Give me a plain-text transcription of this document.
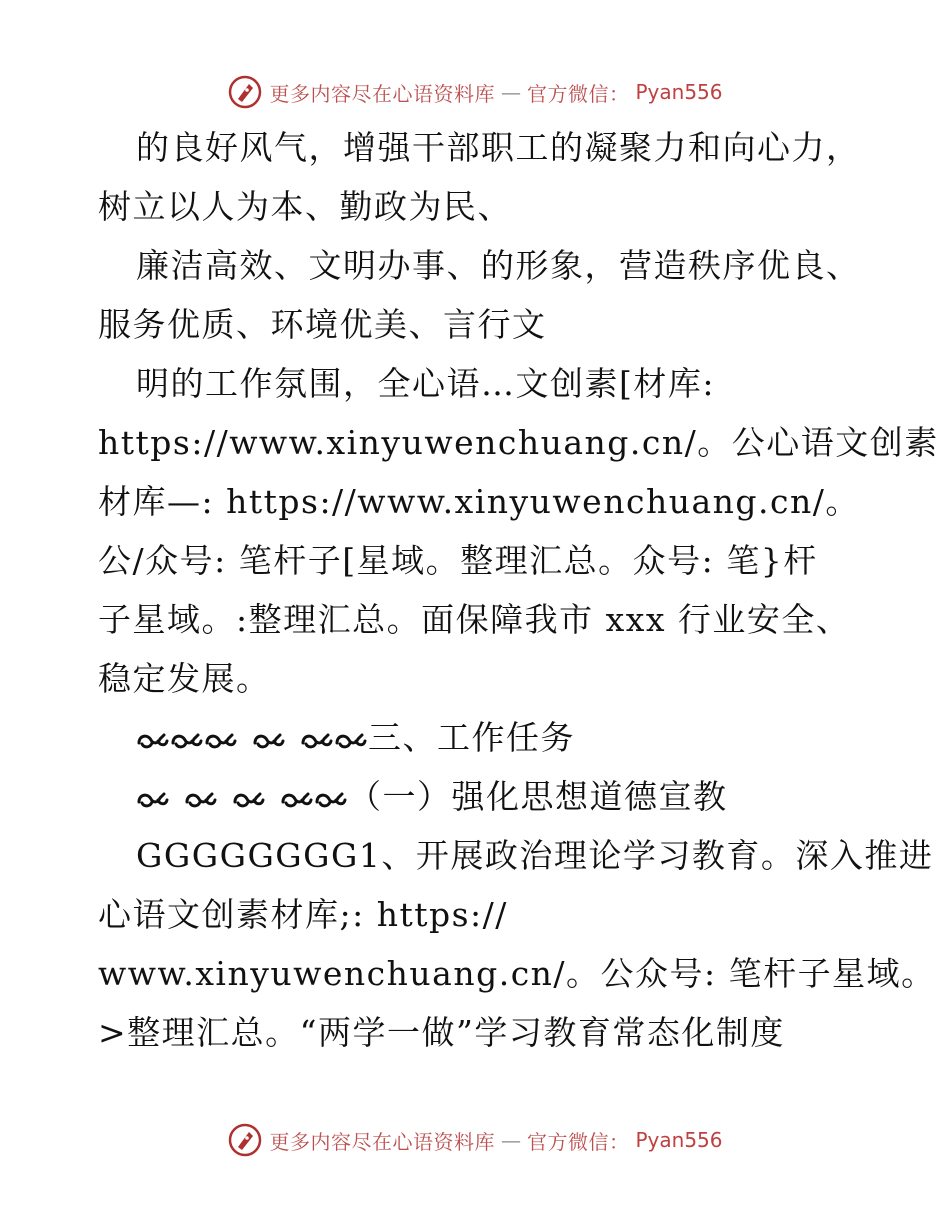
更多内容尽在心语资料库 — 官方微信： Pyan556
的良好风气，增强干部职工的凝聚力和向心力，
树立以人为本、勤政为民、
廉洁高效、文明办事、的形象，营造秩序优良、
服务优质、环境优美、言行文
明的工作氛围，全心语…文创素[材库:
https://www.xinyuwenchuang.cn/。公心语文创素
材库—: https://www.xinyuwenchuang.cn/。
公/众号: 笔杆子[星域。整理汇总。众号: 笔}杆
子星域。:整理汇总。面保障我市 xxx 行业安全、
稳定发展。
三、工作任务
（一）强化思想道德宣教
GGGGGGGG1、开展政治理论学习教育。深入推进
心语文创素材库;: https://
www.xinyuwenchuang.cn/。公众号: 笔杆子星域。
>整理汇总。“两学一做”学习教育常态化制度
更多内容尽在心语资料库 — 官方微信： Pyan556
